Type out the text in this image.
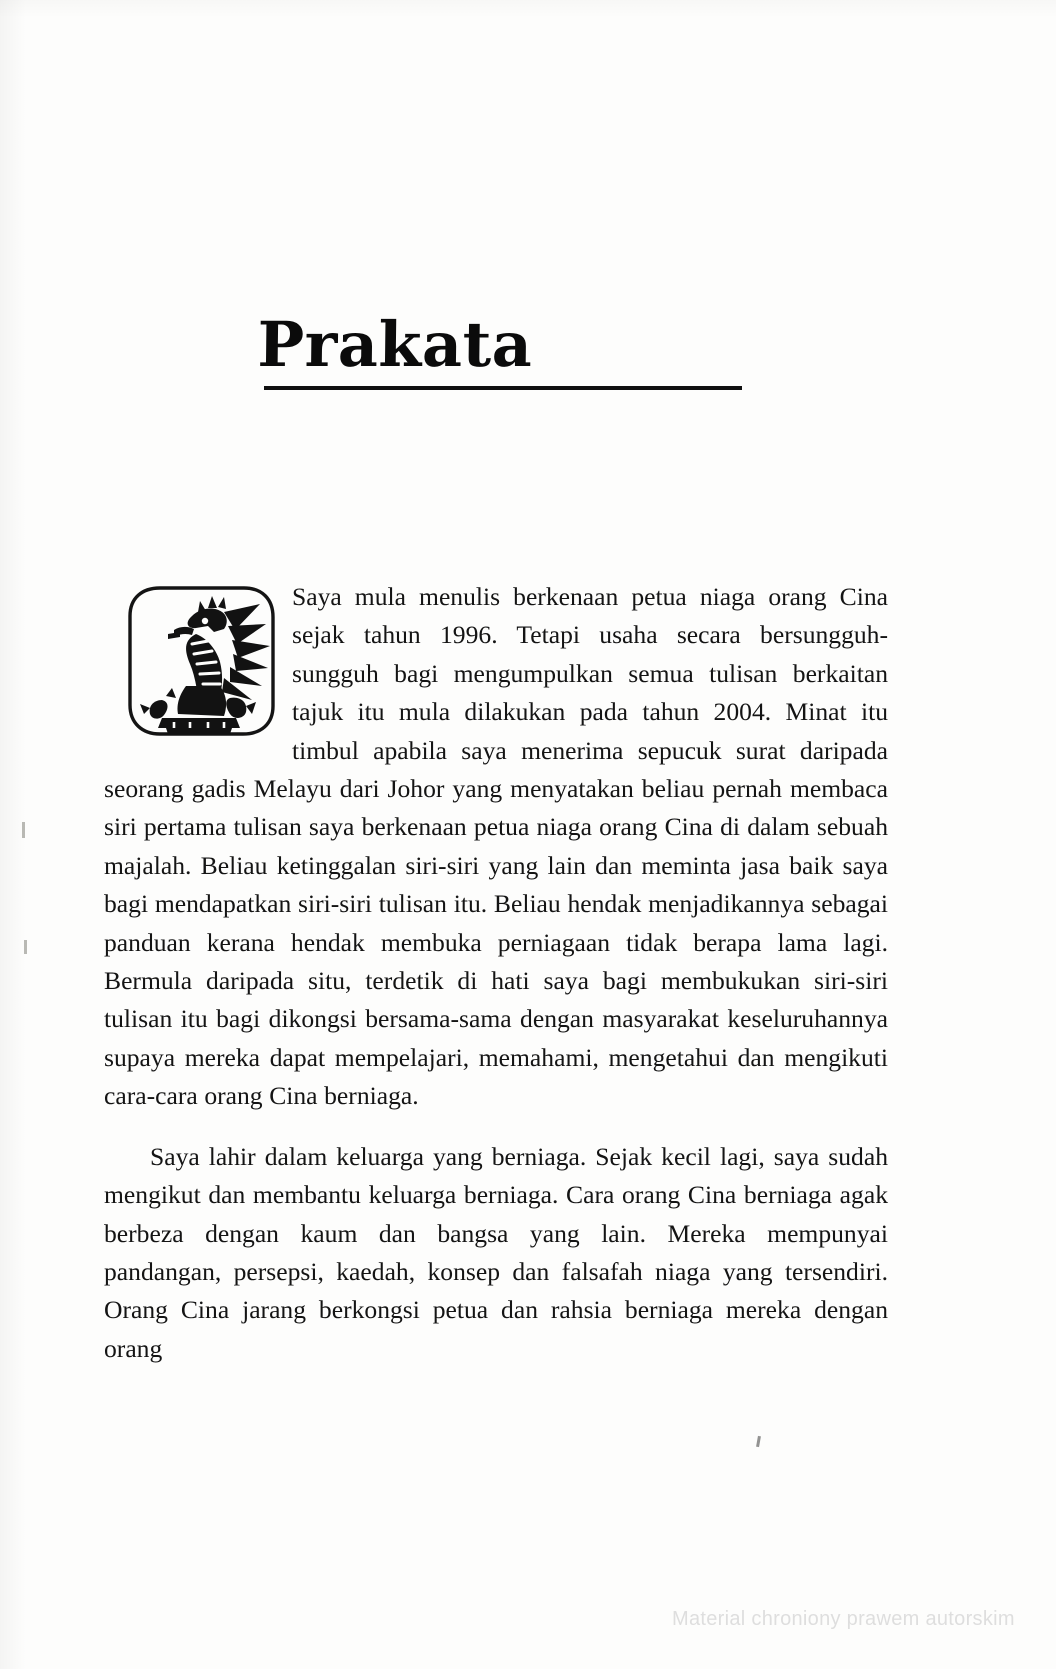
Prakata

Saya mula menulis berkenaan petua niaga orang Cina sejak tahun 1996. Tetapi usaha secara bersungguh-sungguh bagi mengumpulkan semua tulisan berkaitan tajuk itu mula dilakukan pada tahun 2004. Minat itu timbul apabila saya menerima sepucuk surat daripada seorang gadis Melayu dari Johor yang menyatakan beliau pernah membaca siri pertama tulisan saya berkenaan petua niaga orang Cina di dalam sebuah majalah. Beliau ketinggalan siri-siri yang lain dan meminta jasa baik saya bagi mendapatkan siri-siri tulisan itu. Beliau hendak menjadikannya sebagai panduan kerana hendak membuka perniagaan tidak berapa lama lagi. Bermula daripada situ, terdetik di hati saya bagi membukukan siri-siri tulisan itu bagi dikongsi bersama-sama dengan masyarakat keseluruhannya supaya mereka dapat mempelajari, memahami, mengetahui dan mengikuti cara-cara orang Cina berniaga.

Saya lahir dalam keluarga yang berniaga. Sejak kecil lagi, saya sudah mengikut dan membantu keluarga berniaga. Cara orang Cina berniaga agak berbeza dengan kaum dan bangsa yang lain. Mereka mempunyai pandangan, persepsi, kaedah, konsep dan falsafah niaga yang tersendiri. Orang Cina jarang berkongsi petua dan rahsia berniaga mereka dengan orang

Material chroniony prawem autorskim
